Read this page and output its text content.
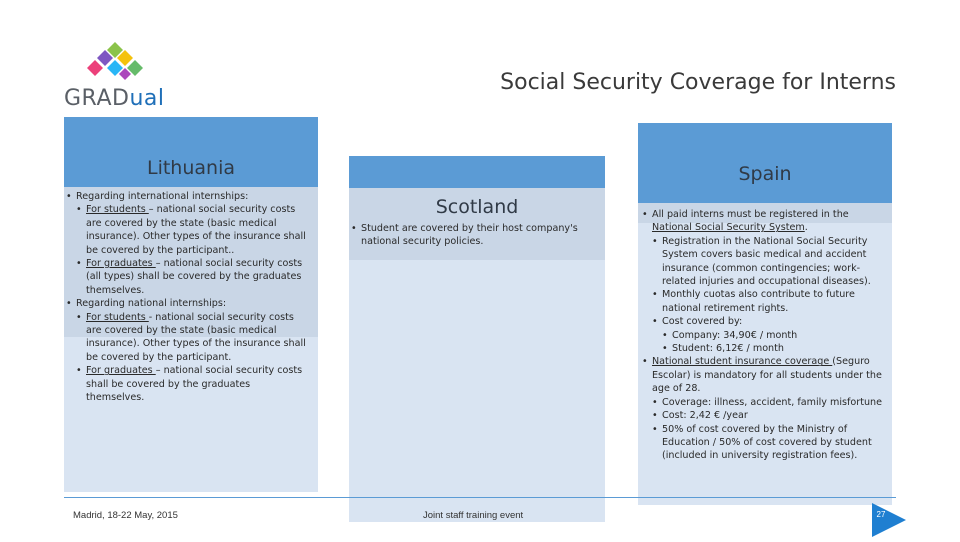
GRADual
Social Security Coverage for Interns
Lithuania
• Regarding international internships:
• For students – national social security costs are covered by the state (basic medical insurance). Other types of the insurance shall be covered by the participant..
• For graduates – national social security costs (all types) shall be covered by the graduates themselves.
• Regarding national internships:
• For students - national social security costs are covered by the state (basic medical insurance). Other types of the insurance shall be covered by the participant.
• For graduates – national social security costs shall be covered by the graduates themselves.
Scotland
• Student are covered by their host company's national security policies.
Spain
• All paid interns must be registered in the National Social Security System.
• Registration in the National Social Security System covers basic medical and accident insurance (common contingencies; work-related injuries and occupational diseases).
• Monthly cuotas also contribute to future national retirement rights.
• Cost covered by:
• Company: 34,90€ / month
• Student: 6,12€ / month
• National student insurance coverage (Seguro Escolar) is mandatory for all students under the age of 28.
• Coverage: illness, accident, family misfortune
• Cost: 2,42 € /year
• 50% of cost covered by the Ministry of Education / 50% of cost covered by student (included in university registration fees).
Madrid, 18-22 May, 2015	Joint staff training event	27
